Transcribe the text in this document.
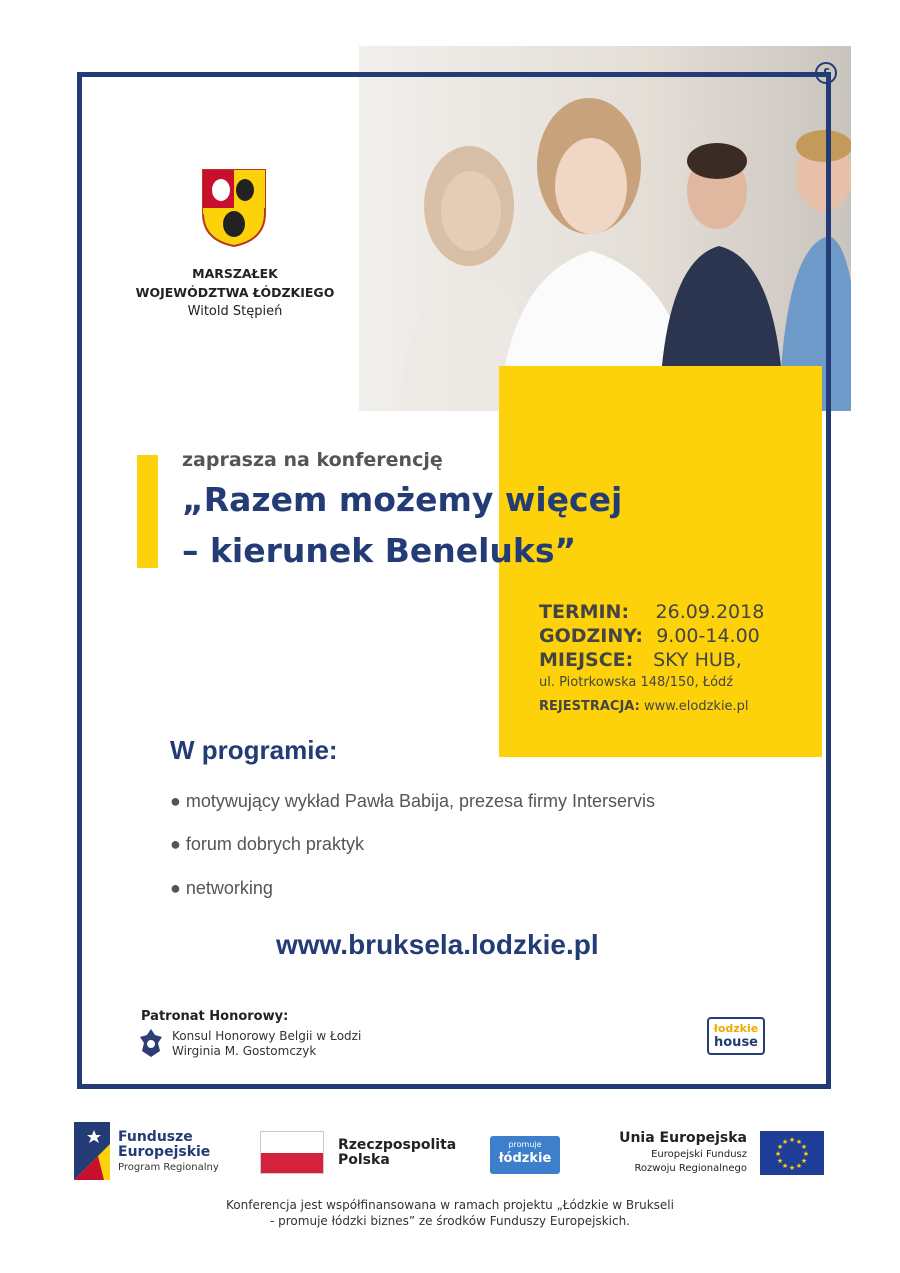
£
MARSZAŁEK
WOJEWÓDZTWA ŁÓDZKIEGO
Witold Stępień
zaprasza na konferencję
„Razem możemy więcej
– kierunek Beneluks”
TERMIN: 26.09.2018
GODZINY: 9.00-14.00
MIEJSCE: SKY HUB,
ul. Piotrkowska 148/150, Łódź
REJESTRACJA: www.elodzkie.pl
W programie:
● motywujący wykład Pawła Babija, prezesa firmy Interservis
● forum dobrych praktyk
● networking
www.bruksela.lodzkie.pl
Patronat Honorowy:
Konsul Honorowy Belgii w Łodzi
Wirginia M. Gostomczyk
łodzkie
house
Fundusze
Europejskie
Program Regionalny
Rzeczpospolita
Polska
promuje
łódzkie
Unia Europejska
Europejski Fundusz
Rozwoju Regionalnego
★ ★
★
★
★
★
★
★
★
★
★
★
Konferencja jest współfinansowana w ramach projektu „Łódzkie w Brukseli
- promuje łódzki biznes” ze środków Funduszy Europejskich.
